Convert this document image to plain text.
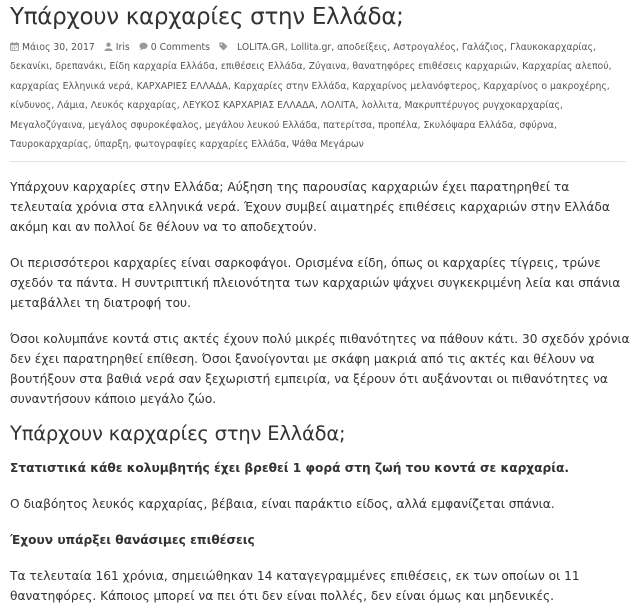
Υπάρχουν καρχαρίες στην Ελλάδα;
Μάιος 30, 2017 Iris 0 Comments	LOLITA.GR, Lollita.gr, αποδείξεις, Αστρογαλέος, Γαλάζιος, Γλαυκοκαρχαρίας, δεκανίκι, δρεπανάκι, Είδη καρχαρία Ελλάδα, επιθέσεις Ελλάδα, Ζύγαινα, θανατηφόρες επιθέσεις καρχαριών, Καρχαρίας αλεπού, καρχαρίας Ελληνικά νερά, ΚΑΡΧΑΡΙΕΣ ΕΛΛΑΔΑ, Καρχαρίες στην Ελλάδα, Καρχαρίνος μελανόφτερος, Καρχαρίνος ο μακροχέρης, κίνδυνος, Λάμια, Λευκός καρχαρίας, ΛΕΥΚΟΣ ΚΑΡΧΑΡΙΑΣ ΕΛΛΑΔΑ, ΛΟΛΙΤΑ, λολλιτα, Μακρυπτέρυγος ρυγχοκαρχαρίας, Μεγαλοζύγαινα, μεγάλος σφυροκέφαλος, μεγάλου λευκού Ελλάδα, πατερίτσα, προπέλα, Σκυλόψαρα Ελλάδα, σφύρνα, Ταυροκαρχαρίας, ύπαρξη, φωτογραφίες καρχαρίες Ελλάδα, Ψάθα Μεγάρων

Υπάρχουν καρχαρίες στην Ελλάδα; Αύξηση της παρουσίας καρχαριών έχει παρατηρηθεί τα τελευταία χρόνια στα ελληνικά νερά. Έχουν συμβεί αιματηρές επιθέσεις καρχαριών στην Ελλάδα ακόμη και αν πολλοί δε θέλουν να το αποδεχτούν.

Οι περισσότεροι καρχαρίες είναι σαρκοφάγοι. Ορισμένα είδη, όπως οι καρχαρίες τίγρεις, τρώνε σχεδόν τα πάντα. Η συντριπτική πλειονότητα των καρχαριών ψάχνει συγκεκριμένη λεία και σπάνια μεταβάλλει τη διατροφή του.

Όσοι κολυμπάνε κοντά στις ακτές έχουν πολύ μικρές πιθανότητες να πάθουν κάτι. 30 σχεδόν χρόνια δεν έχει παρατηρηθεί επίθεση. Όσοι ξανοίγονται με σκάφη μακριά από τις ακτές και θέλουν να βουτήξουν στα βαθιά νερά σαν ξεχωριστή εμπειρία, να ξέρουν ότι αυξάνονται οι πιθανότητες να συναντήσουν κάποιο μεγάλο ζώο.

Υπάρχουν καρχαρίες στην Ελλάδα;

Στατιστικά κάθε κολυμβητής έχει βρεθεί 1 φορά στη ζωή του κοντά σε καρχαρία.

Ο διαβόητος λευκός καρχαρίας, βέβαια, είναι παράκτιο είδος, αλλά εμφανίζεται σπάνια.

Έχουν υπάρξει θανάσιμες επιθέσεις

Τα τελευταία 161 χρόνια, σημειώθηκαν 14 καταγεγραμμένες επιθέσεις, εκ των οποίων οι 11 θανατηφόρες. Κάποιος μπορεί να πει ότι δεν είναι πολλές, δεν είναι όμως και μηδενικές.
